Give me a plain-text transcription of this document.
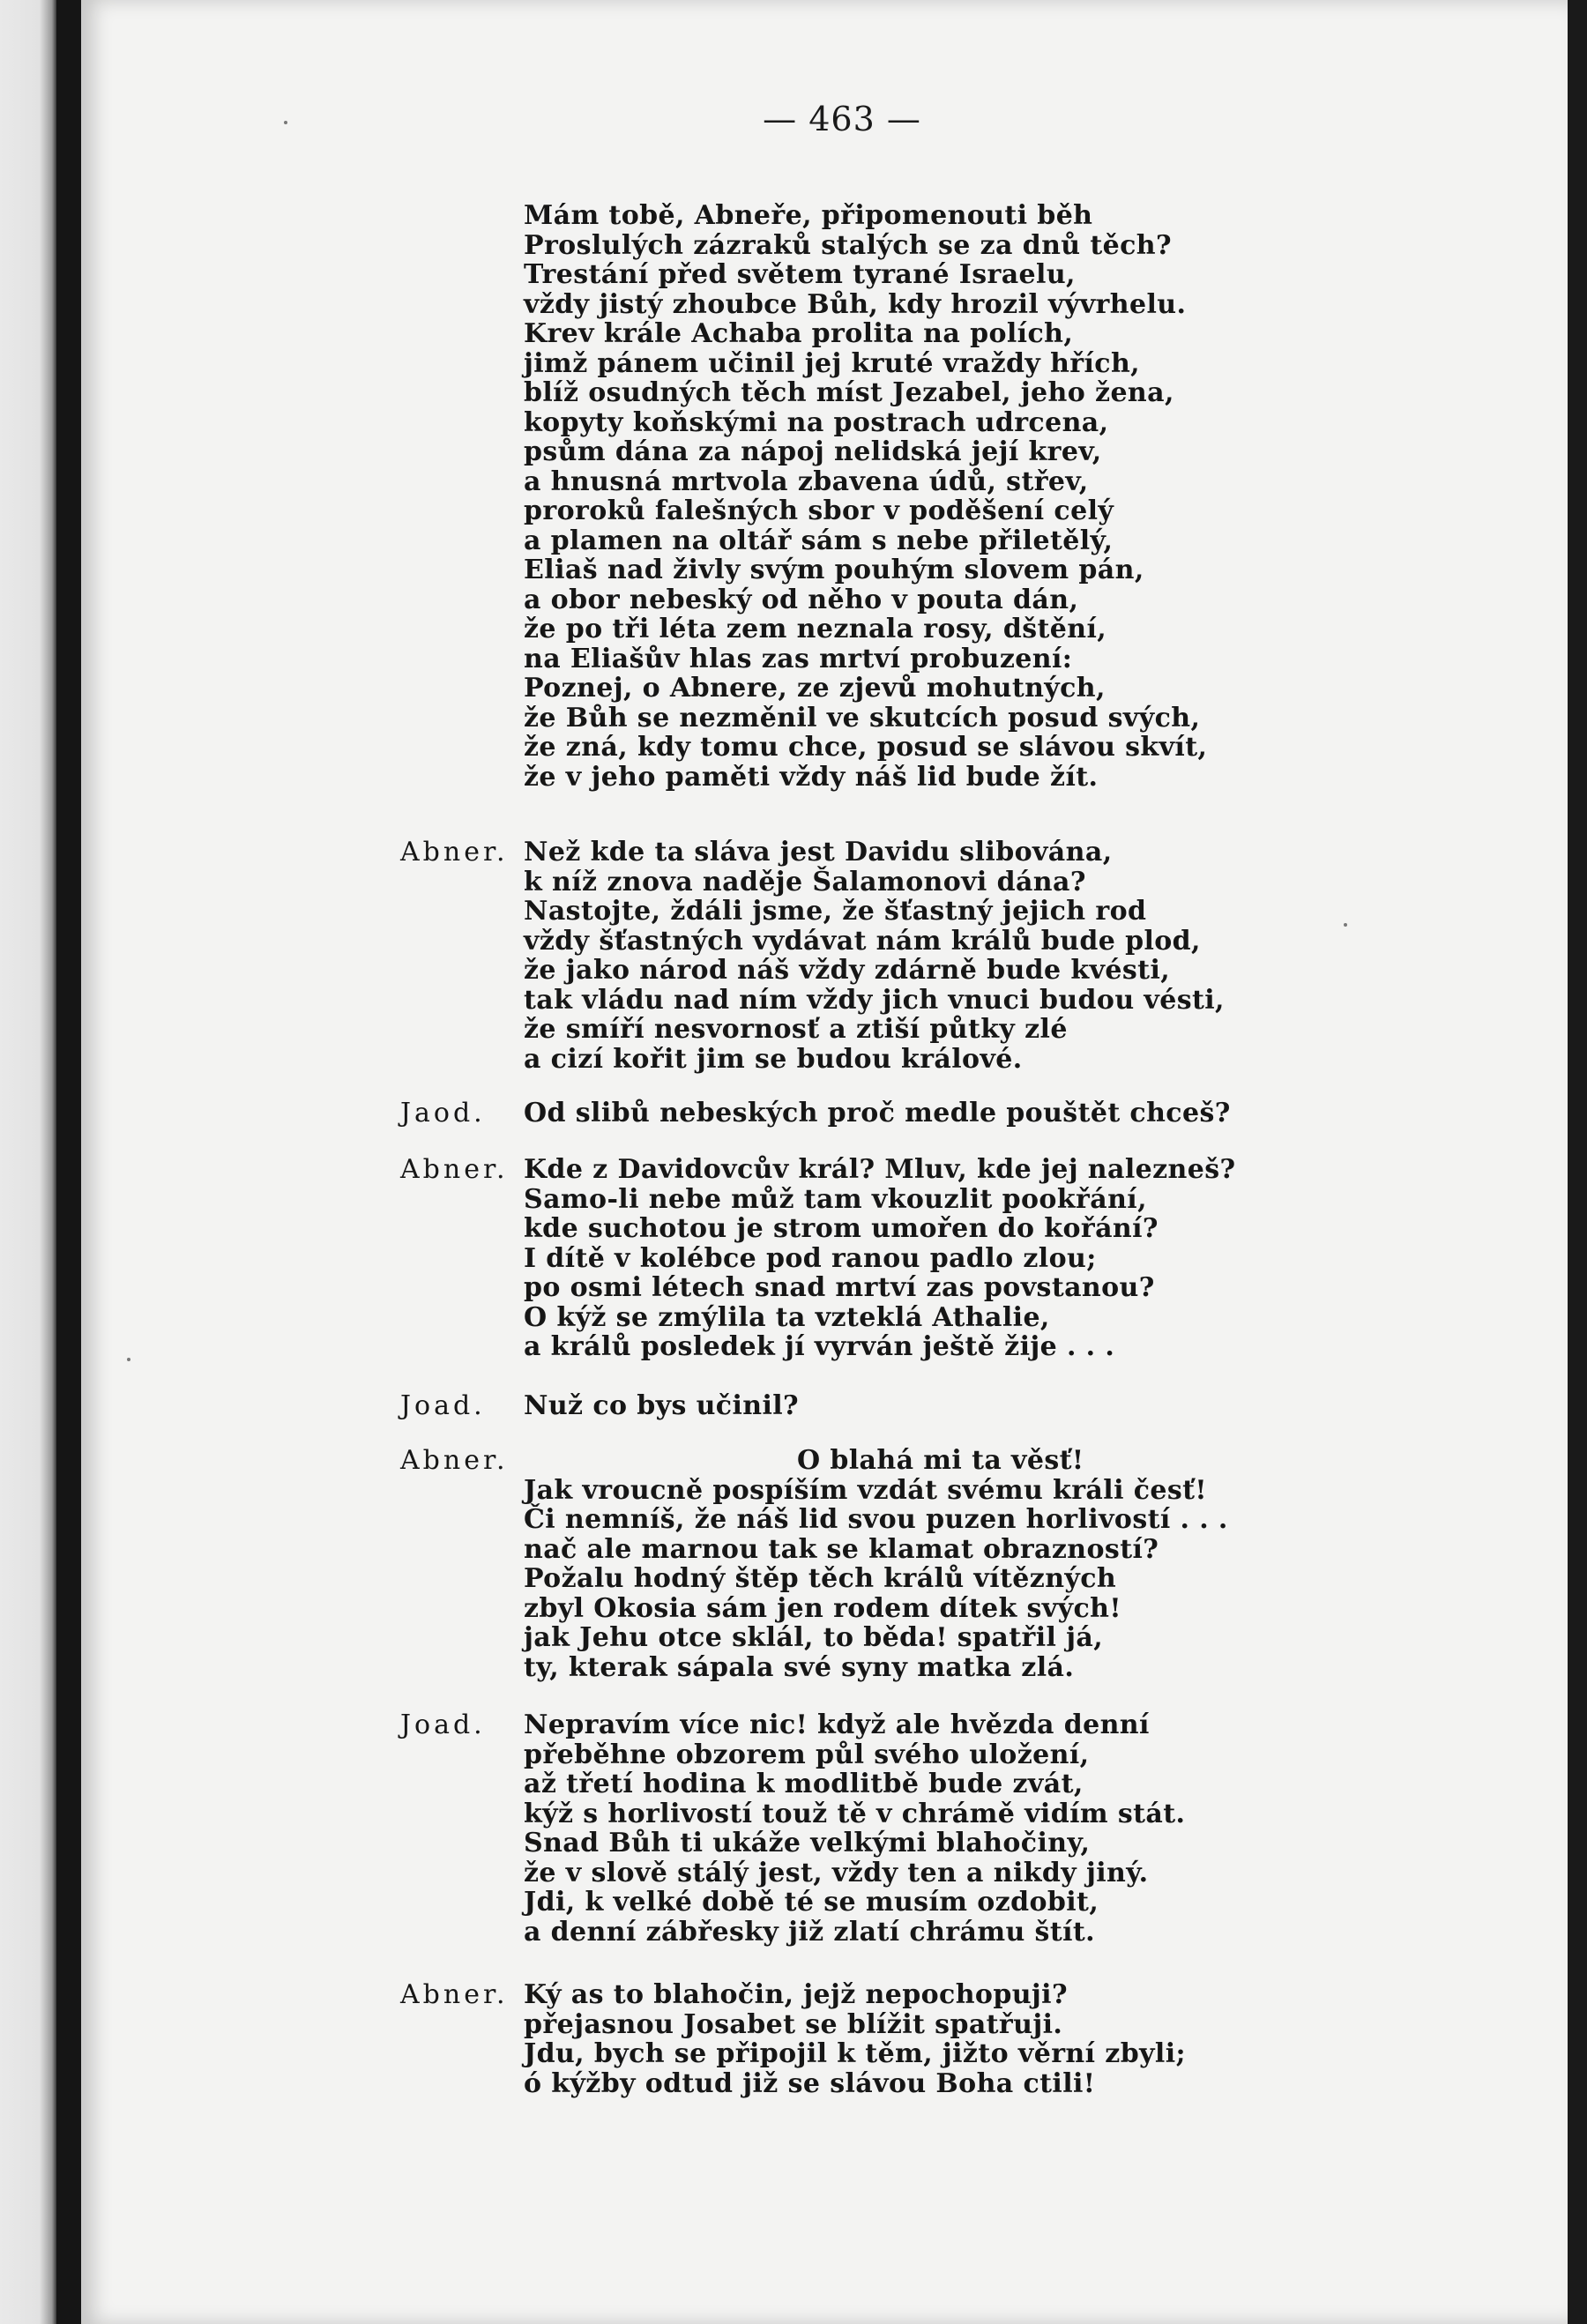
— 463 —
Mám tobě, Abneře, připomenouti běh
Proslulých zázraků stalých se za dnů těch?
Trestání před světem tyrané Israelu,
vždy jistý zhoubce Bůh, kdy hrozil vývrhelu.
Krev krále Achaba prolita na polích,
jimž pánem učinil jej kruté vraždy hřích,
blíž osudných těch míst Jezabel, jeho žena,
kopyty koňskými na postrach udrcena,
psům dána za nápoj nelidská její krev,
a hnusná mrtvola zbavena údů, střev,
proroků falešných sbor v poděšení celý
a plamen na oltář sám s nebe přiletělý,
Eliaš nad živly svým pouhým slovem pán,
a obor nebeský od něho v pouta dán,
že po tři léta zem neznala rosy, dštění,
na Eliašův hlas zas mrtví probuzení:
Poznej, o Abnere, ze zjevů mohutných,
že Bůh se nezměnil ve skutcích posud svých,
že zná, kdy tomu chce, posud se slávou skvít,
že v jeho paměti vždy náš lid bude žít.
Abner. Než kde ta sláva jest Davidu slibována,
k níž znova naděje Šalamonovi dána?
Nastojte, ždáli jsme, že šťastný jejich rod
vždy šťastných vydávat nám králů bude plod,
že jako národ náš vždy zdárně bude kvésti,
tak vládu nad ním vždy jich vnuci budou vésti,
že smíří nesvornosť a ztiší půtky zlé
a cizí kořit jim se budou králové.
Jaod.	Od slibů nebeských proč medle pouštět chceš?
Abner. Kde z Davidovcův král? Mluv, kde jej nalezneš?
Samo-li nebe můž tam vkouzlit pookřání,
kde suchotou je strom umořen do kořání?
I dítě v kolébce pod ranou padlo zlou;
po osmi létech snad mrtví zas povstanou?
O kýž se zmýlila ta vzteklá Athalie,
a králů posledek jí vyrván ještě žije . . .
Joad.	Nuž co bys učinil?
Abner.	O blahá mi ta věsť!
Jak vroucně pospíším vzdát svému králi česť!
Či nemníš, že náš lid svou puzen horlivostí . . .
nač ale marnou tak se klamat obrazností?
Požalu hodný štěp těch králů vítězných
zbyl Okosia sám jen rodem dítek svých!
jak Jehu otce sklál, to běda! spatřil já,
ty, kterak sápala své syny matka zlá.
Joad.	Nepravím více nic! když ale hvězda denní
přeběhne obzorem půl svého uložení,
až třetí hodina k modlitbě bude zvát,
kýž s horlivostí touž tě v chrámě vidím stát.
Snad Bůh ti ukáže velkými blahočiny,
že v slově stálý jest, vždy ten a nikdy jiný.
Jdi, k velké době té se musím ozdobit,
a denní zábřesky již zlatí chrámu štít.
Abner. Ký as to blahočin, jejž nepochopuji?
přejasnou Josabet se blížit spatřuji.
Jdu, bych se připojil k těm, jižto věrní zbyli;
ó kýžby odtud již se slávou Boha ctili!
